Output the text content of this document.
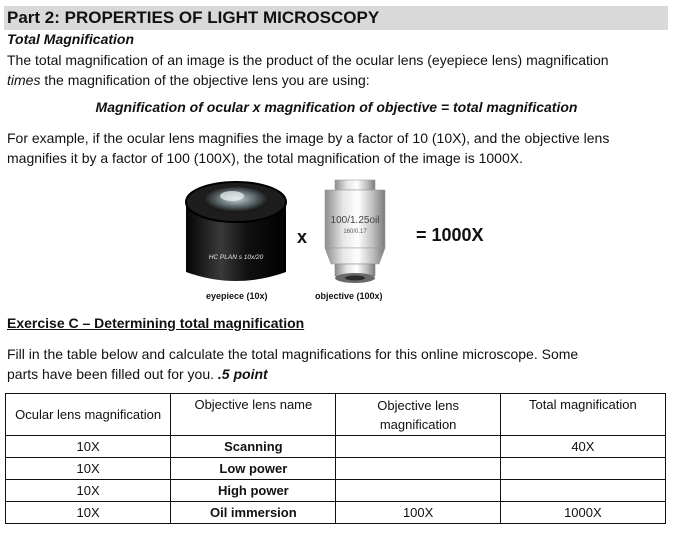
Part 2: PROPERTIES OF LIGHT MICROSCOPY
Total Magnification
The total magnification of an image is the product of the ocular lens (eyepiece lens) magnification
times the magnification of the objective lens you are using:
Magnification of ocular x magnification of objective = total magnification
For example, if the ocular lens magnifies the image by a factor of 10 (10X), and the objective lens
magnifies it by a factor of 100 (100X), the total magnification of the image is 1000X.
HC PLAN s 10x/20
x
100/1.25oil
160/0.17	= 1000X
eyepiece (10x)	objective (100x)
Exercise C – Determining total magnification
Fill in the table below and calculate the total magnifications for this online microscope. Some
parts have been filled out for you. .5 point
Ocular lens magnification	Objective lens name	Objective lens magnification	Total magnification
10X	Scanning		40X
10X	Low power		
10X	High power		
10X	Oil immersion	100X	1000X
